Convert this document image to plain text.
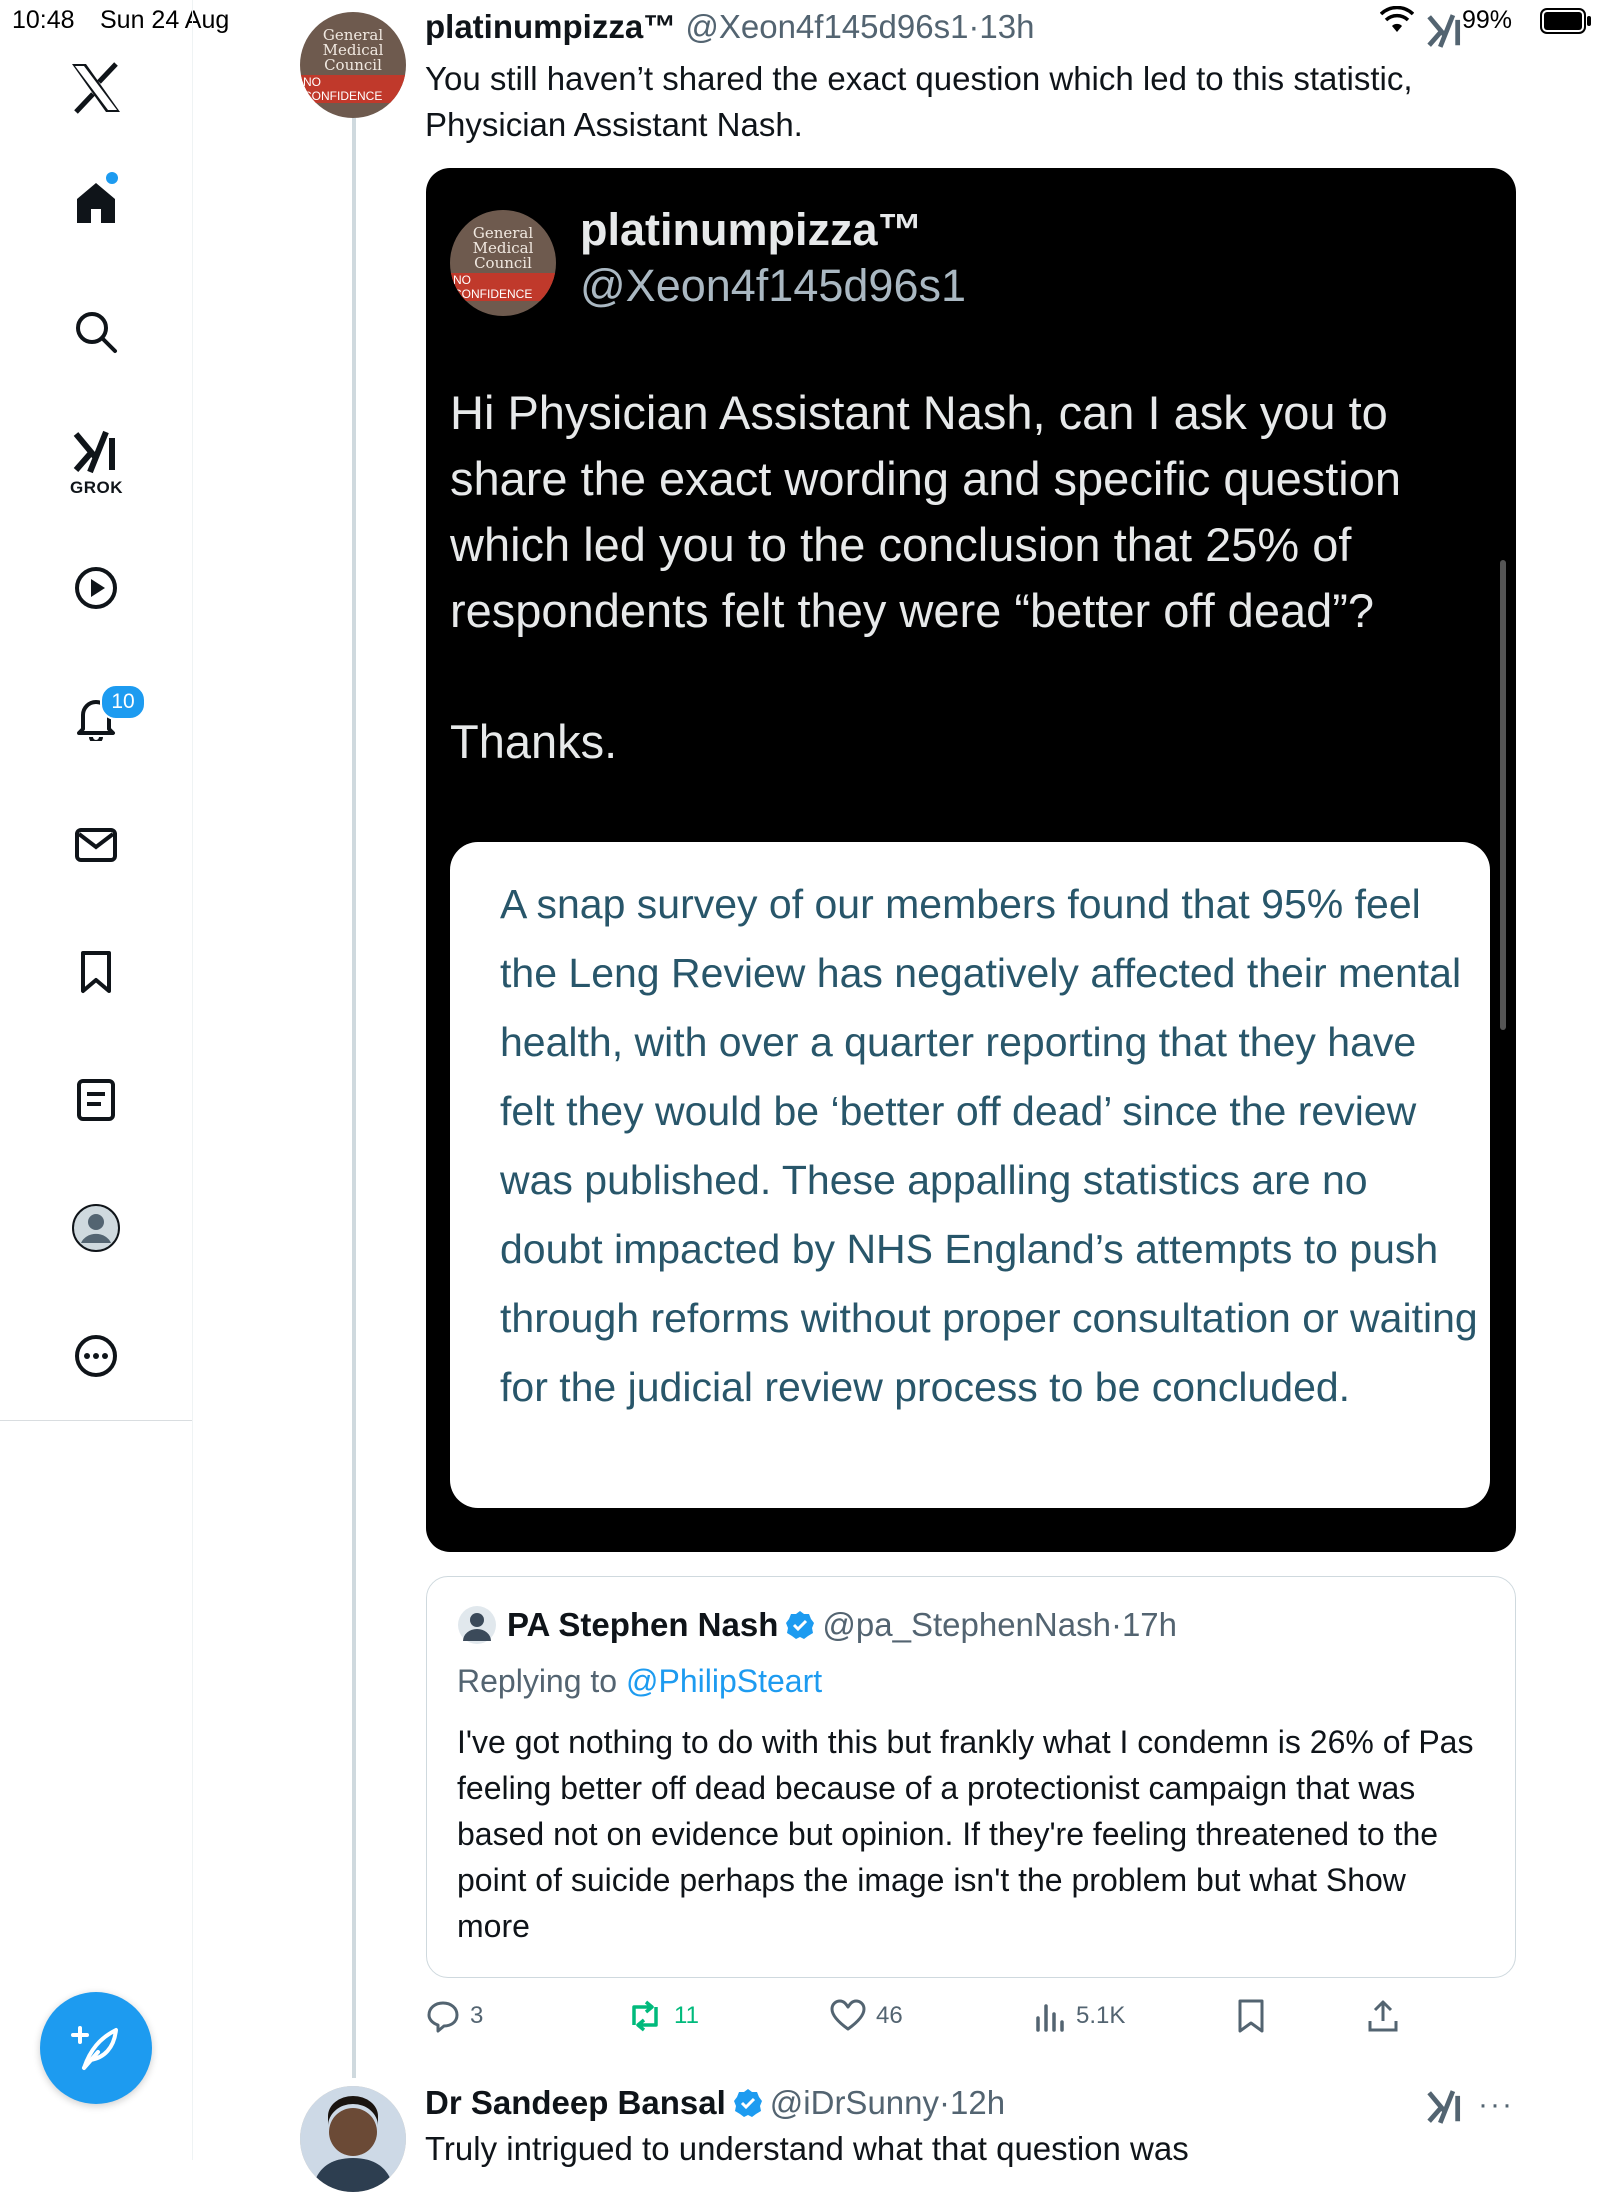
10:48 Sun 24 Aug	99%
GROK
10
General
Medical
Council
NO CONFIDENCE
platinumpizza™ @Xeon4f145d96s1·13h
You still haven’t shared the exact question which led to this statistic, Physician Assistant Nash.
General
Medical
Council
NO CONFIDENCE
platinumpizza™
@Xeon4f145d96s1
Hi Physician Assistant Nash, can I ask you to share the exact wording and specific question which led you to the conclusion that 25% of respondents felt they were “better off dead”?
Thanks.
A snap survey of our members found that 95% feel the Leng Review has negatively affected their mental health, with over a quarter reporting that they have felt they would be ‘better off dead’ since the review was published. These appalling statistics are no doubt impacted by NHS England’s attempts to push through reforms without proper consultation or waiting for the judicial review process to be concluded.
PA Stephen Nash @pa_StephenNash · 17h
Replying to @PhilipSteart
I've got nothing to do with this but frankly what I condemn is 26% of Pas feeling better off dead because of a protectionist campaign that was based not on evidence but opinion. If they're feeling threatened to the point of suicide perhaps the image isn't the problem but what Show more
3	11	46	5.1K
Dr Sandeep Bansal @iDrSunny · 12h	···
Truly intrigued to understand what that question was
